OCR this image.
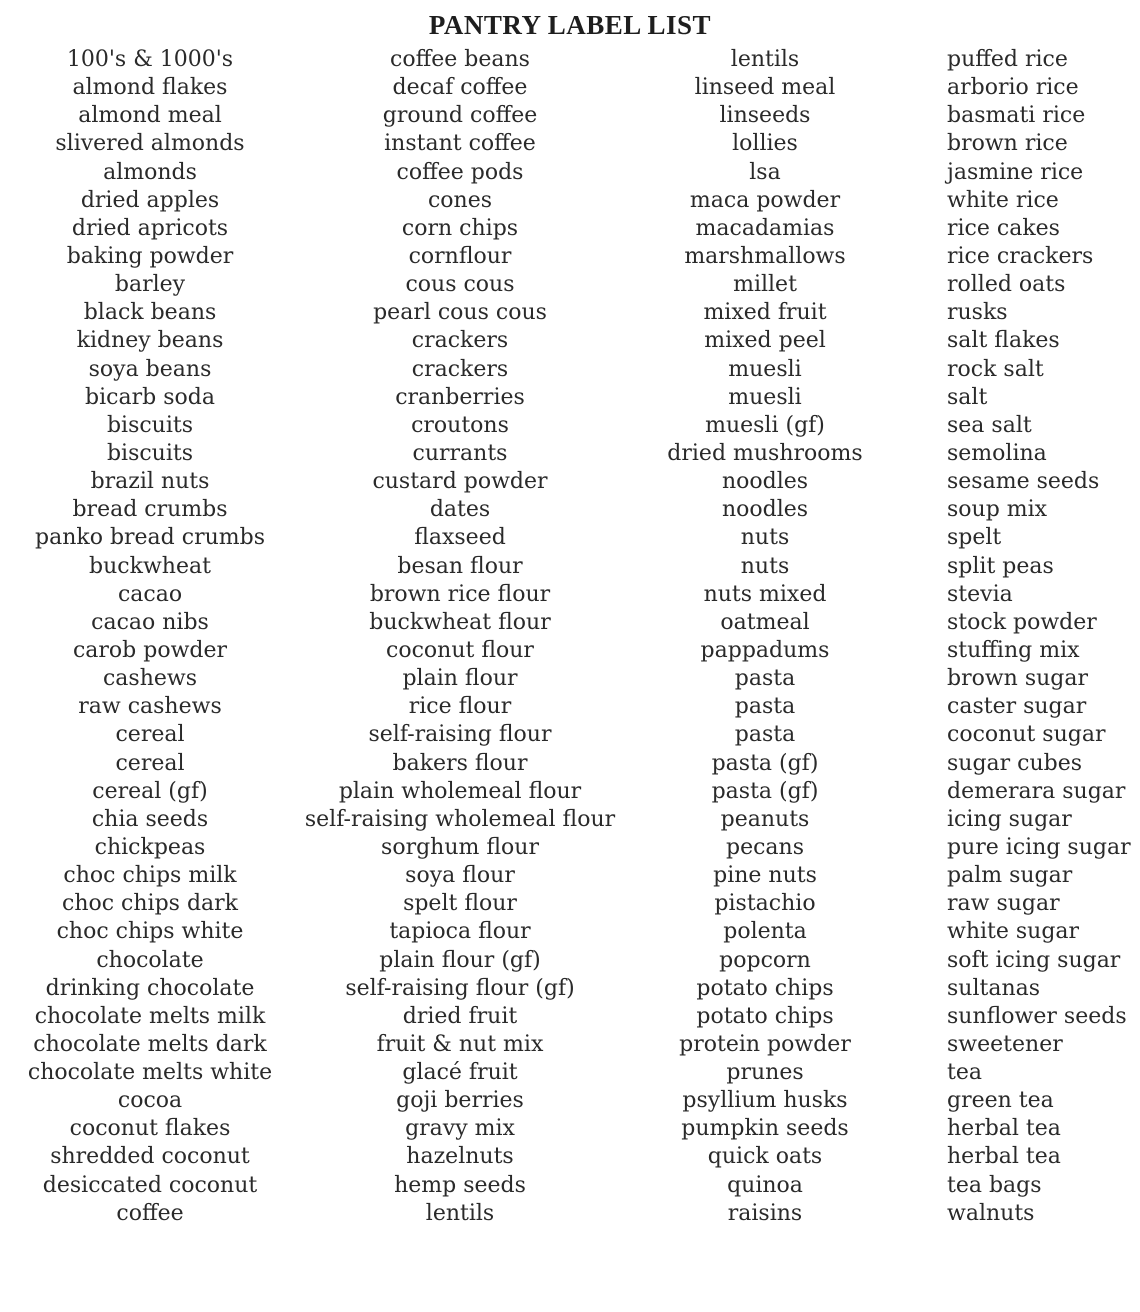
PANTRY LABEL LIST
100's & 1000's
almond flakes
almond meal
slivered almonds
almonds
dried apples
dried apricots
baking powder
barley
black beans
kidney beans
soya beans
bicarb soda
biscuits
biscuits
brazil nuts
bread crumbs
panko bread crumbs
buckwheat
cacao
cacao nibs
carob powder
cashews
raw cashews
cereal
cereal
cereal (gf)
chia seeds
chickpeas
choc chips milk
choc chips dark
choc chips white
chocolate
drinking chocolate
chocolate melts milk
chocolate melts dark
chocolate melts white
cocoa
coconut flakes
shredded coconut
desiccated coconut
coffee
coffee beans
decaf coffee
ground coffee
instant coffee
coffee pods
cones
corn chips
cornflour
cous cous
pearl cous cous
crackers
crackers
cranberries
croutons
currants
custard powder
dates
flaxseed
besan flour
brown rice flour
buckwheat flour
coconut flour
plain flour
rice flour
self-raising flour
bakers flour
plain wholemeal flour
self-raising wholemeal flour
sorghum flour
soya flour
spelt flour
tapioca flour
plain flour (gf)
self-raising flour (gf)
dried fruit
fruit & nut mix
glacé fruit
goji berries
gravy mix
hazelnuts
hemp seeds
lentils
lentils
linseed meal
linseeds
lollies
lsa
maca powder
macadamias
marshmallows
millet
mixed fruit
mixed peel
muesli
muesli
muesli (gf)
dried mushrooms
noodles
noodles
nuts
nuts
nuts mixed
oatmeal
pappadums
pasta
pasta
pasta
pasta (gf)
pasta (gf)
peanuts
pecans
pine nuts
pistachio
polenta
popcorn
potato chips
potato chips
protein powder
prunes
psyllium husks
pumpkin seeds
quick oats
quinoa
raisins
puffed rice
arborio rice
basmati rice
brown rice
jasmine rice
white rice
rice cakes
rice crackers
rolled oats
rusks
salt flakes
rock salt
salt
sea salt
semolina
sesame seeds
soup mix
spelt
split peas
stevia
stock powder
stuffing mix
brown sugar
caster sugar
coconut sugar
sugar cubes
demerara sugar
icing sugar
pure icing sugar
palm sugar
raw sugar
white sugar
soft icing sugar
sultanas
sunflower seeds
sweetener
tea
green tea
herbal tea
herbal tea
tea bags
walnuts
